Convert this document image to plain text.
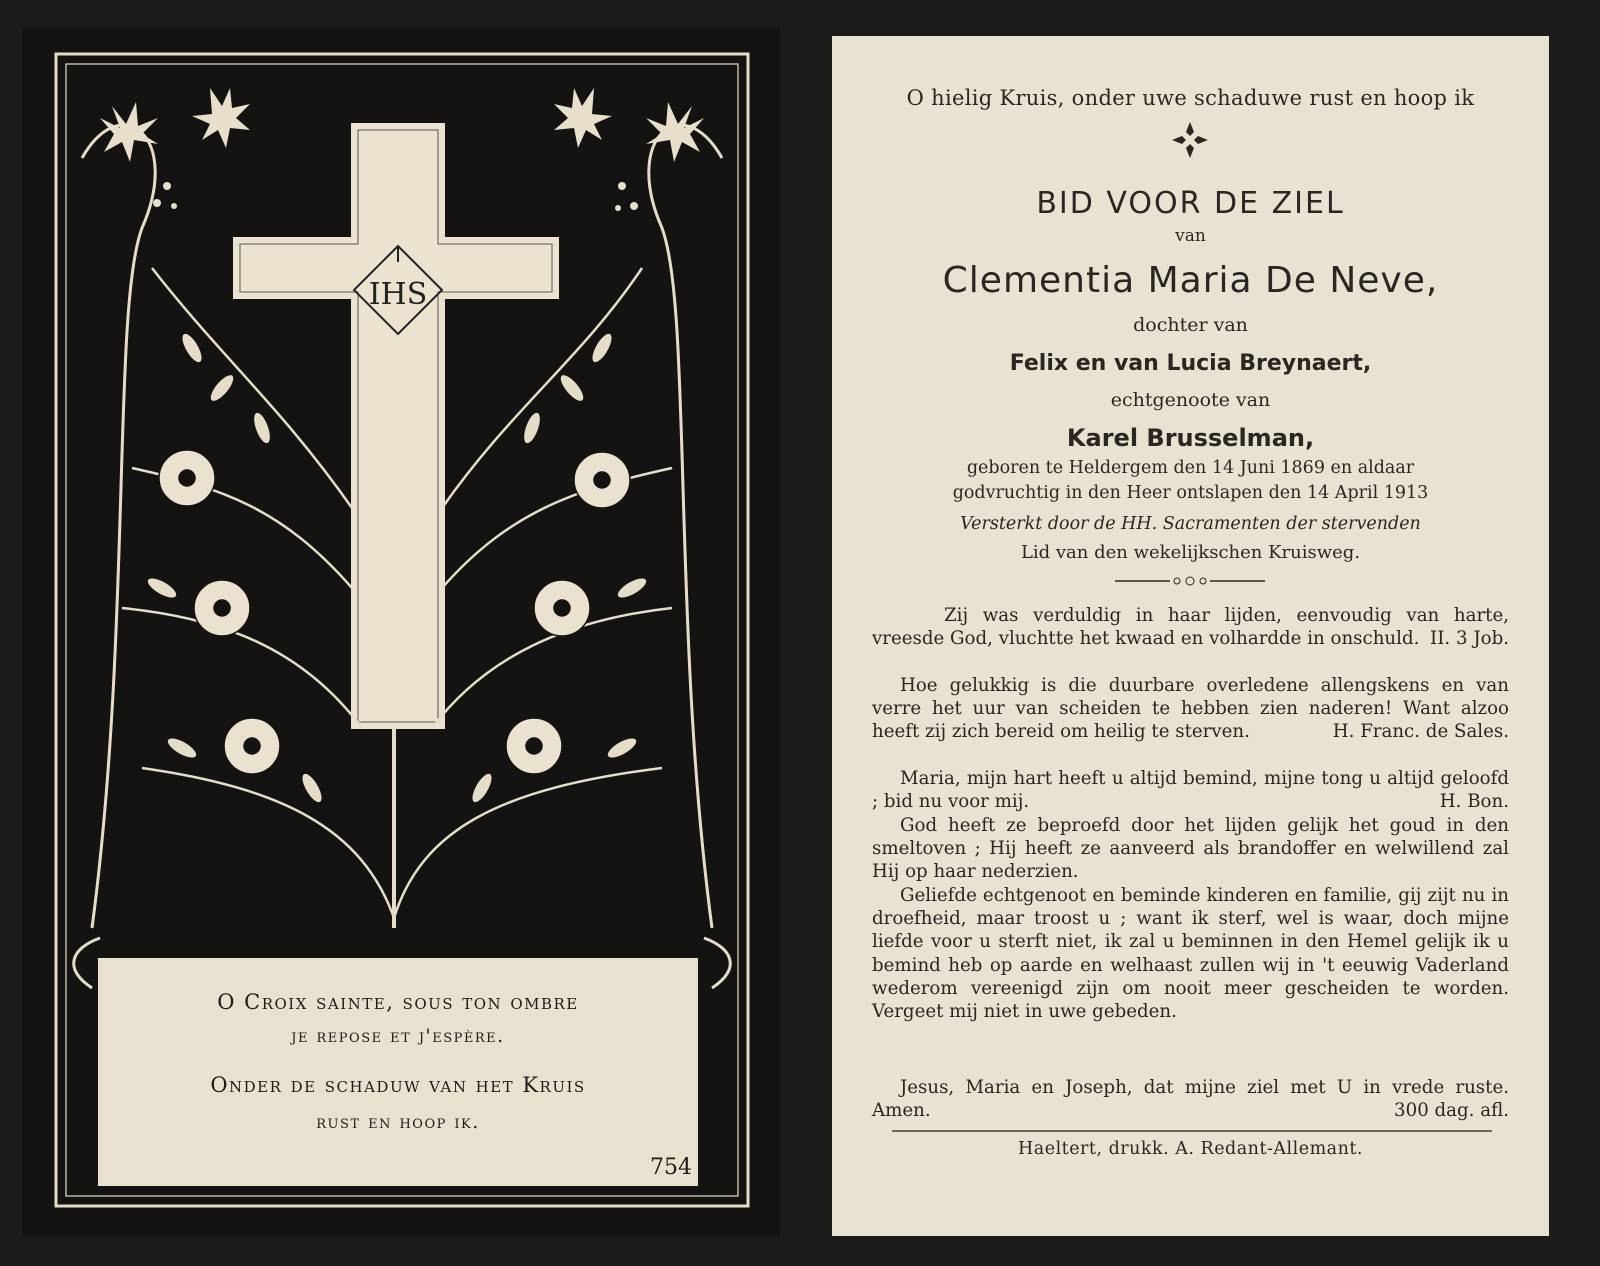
IHS
O Croix sainte, sous ton ombre
je repose et j'espère.
Onder de schaduw van het Kruis
rust en hoop ik.
754
O hielig Kruis, onder uwe schaduwe rust en hoop ik
BID VOOR DE ZIEL
van
Clementia Maria De Neve,
dochter van
Felix en van Lucia Breynaert,
echtgenoote van
Karel Brusselman,
geboren te Heldergem den 14 Juni 1869 en aldaar
godvruchtig in den Heer ontslapen den 14 April 1913
Versterkt door de HH. Sacramenten der stervenden
Lid van den wekelijkschen Kruisweg.
Zij was verduldig in haar lijden, eenvoudig van harte, vreesde God, vluchtte het kwaad en volhardde in onschuld. II. 3 Job.
Hoe gelukkig is die duurbare overledene allengskens en van verre het uur van scheiden te hebben zien naderen! Want alzoo heeft zij zich bereid om heilig te sterven.	H. Franc. de Sales.
Maria, mijn hart heeft u altijd bemind, mijne tong u altijd geloofd ; bid nu voor mij.	H. Bon.
God heeft ze beproefd door het lijden gelijk het goud in den smeltoven ; Hij heeft ze aanveerd als brandoffer en welwillend zal Hij op haar nederzien.
Geliefde echtgenoot en beminde kinderen en familie, gij zijt nu in droefheid, maar troost u ; want ik sterf, wel is waar, doch mijne liefde voor u sterft niet, ik zal u beminnen in den Hemel gelijk ik u bemind heb op aarde en welhaast zullen wij in 't eeuwig Vaderland wederom vereenigd zijn om nooit meer gescheiden te worden. Vergeet mij niet in uwe gebeden.
Jesus, Maria en Joseph, dat mijne ziel met U in vrede ruste. Amen.	300 dag. afl.
Haeltert, drukk. A. Redant-Allemant.
